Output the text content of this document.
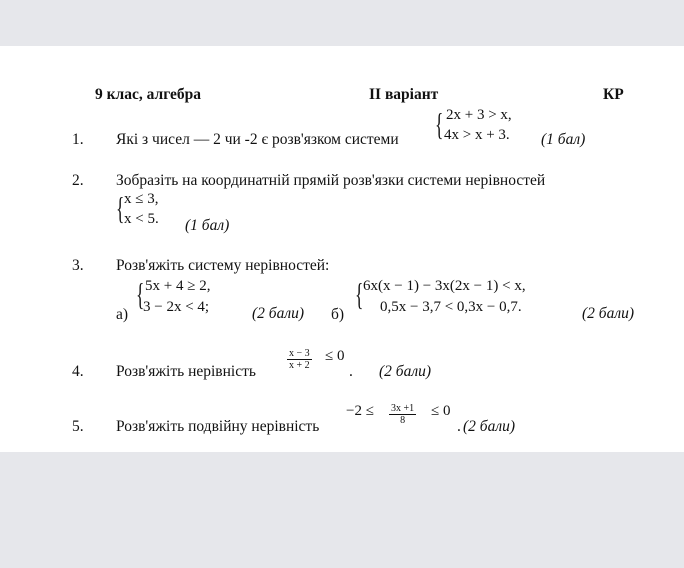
9 клас, алгебра	ІІ варіант	КР
1. Які з чисел — 2 чи -2 є розв'язком системи { 2x + 3 > x,
4x > x + 3. (1 бал)
2. Зобразіть на координатній прямій розв'язки системи нерівностей
{ x ≤ 3,
x < 5. (1 бал)
3. Розв'яжіть систему нерівностей:
а)
{ 5x + 4 ≥ 2,
3 − 2x < 4;	(2 бали) б)
{ 6x(x − 1) − 3x(2x − 1) < x,
0,5x − 3,7 < 0,3x − 0,7.	(2 бали)
4. Розв'яжіть нерівність
$\frac{x - 3}{x + 2} \le 0$
. (2 бали)
5. Розв'яжіть подвійну нерівність
$-2 \le \frac{3x +1}{8} \le 0$
. (2 бали)
